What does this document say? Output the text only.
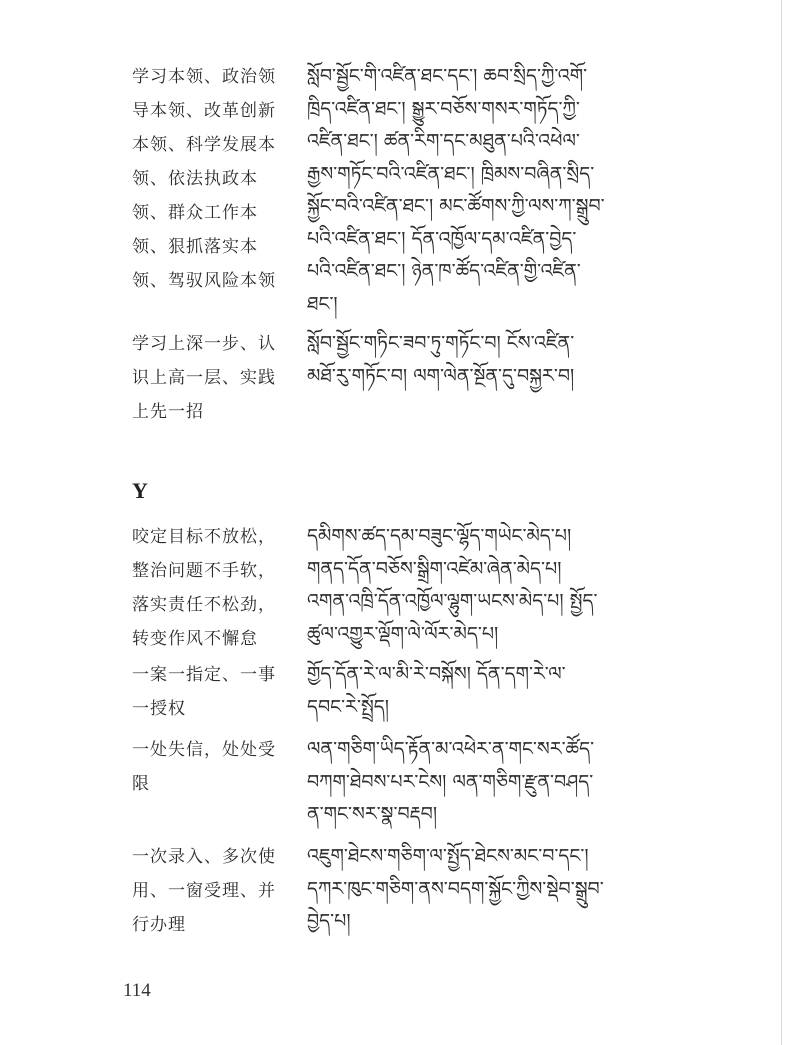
学习本领、政治领
导本领、改革创新
本领、科学发展本
领、依法执政本
领、群众工作本
领、狠抓落实本
领、驾驭风险本领
སློབ་སྦྱོང་གི་འཛིན་ཐང་དང་། ཆབ་སྲིད་ཀྱི་འགོ་
ཁྲིད་འཛིན་ཐང་། སྒྱུར་བཅོས་གསར་གཏོད་ཀྱི་
འཛིན་ཐང་། ཚན་རིག་དང་མཐུན་པའི་འཕེལ་
རྒྱས་གཏོང་བའི་འཛིན་ཐང་། ཁྲིམས་བཞིན་སྲིད་
སྐྱོང་བའི་འཛིན་ཐང་། མང་ཚོགས་ཀྱི་ལས་ཀ་སྒྲུབ་
པའི་འཛིན་ཐང་། དོན་འཁྱོལ་དམ་འཛིན་བྱེད་
པའི་འཛིན་ཐང་། ཉེན་ཁ་ཚོད་འཛིན་གྱི་འཛིན་
ཐང་།
学习上深一步、认
识上高一层、实践
上先一招
སློབ་སྦྱོང་གཏིང་ཟབ་ཏུ་གཏོང་བ། ངོས་འཛིན་
མཐོ་རུ་གཏོང་བ། ལག་ལེན་སྔོན་དུ་བསྐྱར་བ།
Y
咬定目标不放松，
整治问题不手软，
落实责任不松劲，
转变作风不懈怠
དམིགས་ཚད་དམ་བཟུང་ལྷོད་གཡེང་མེད་པ།
གནད་དོན་བཅོས་སྒྲིག་འཛེམ་ཞེན་མེད་པ།
འགན་འཁྲི་དོན་འཁྱོལ་ལྷུག་ཡངས་མེད་པ། སྤྱོད་
ཚུལ་འགྱུར་ལྡོག་ལེ་ལོར་མེད་པ།
一案一指定、一事
一授权
གྱོད་དོན་རེ་ལ་མི་རེ་བསྐོས། དོན་དག་རེ་ལ་
དབང་རེ་སྤྲོད།
一处失信，处处受
限
ལན་གཅིག་ཡིད་རྟོན་མ་འཕེར་ན་གང་སར་ཚོད་
བཀག་ཐེབས་པར་ངེས། ལན་གཅིག་རྫུན་བཤད་
ན་གང་སར་སྣ་བརྡབ།
一次录入、多次使
用、一窗受理、并
行办理
འཇུག་ཐེངས་གཅིག་ལ་སྤྱོད་ཐེངས་མང་བ་དང་།
དཀར་ཁུང་གཅིག་ནས་བདག་སྐྱོང་ཀྱིས་སྡེབ་སྒྲུབ་
བྱེད་པ།
114
